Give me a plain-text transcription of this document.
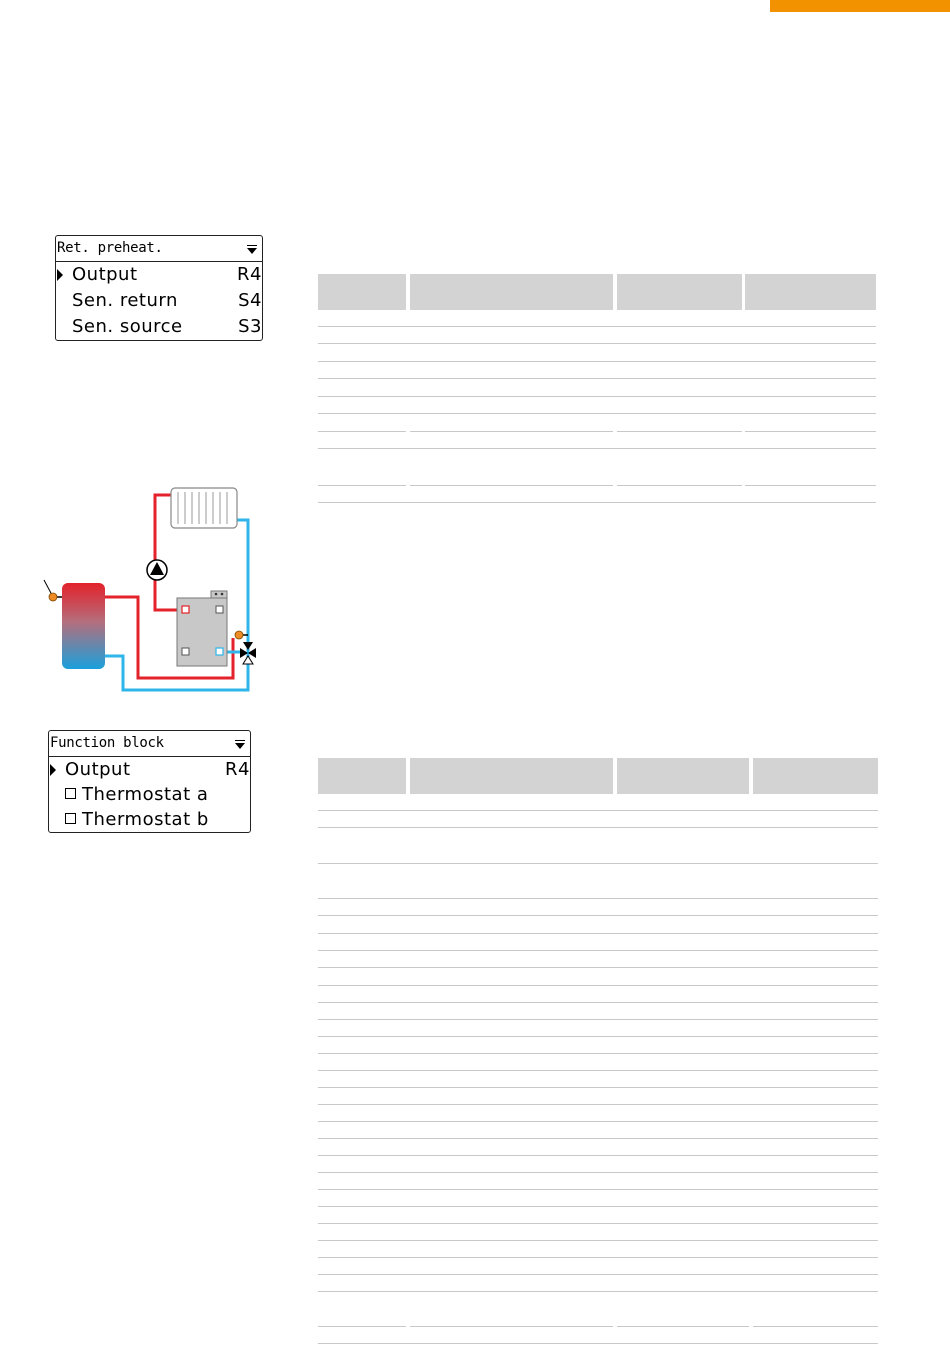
Ret. preheat.
Output	R4
Sen. return	S4
Sen. source	S3
Function block
Output	R4
Thermostat a
Thermostat b
